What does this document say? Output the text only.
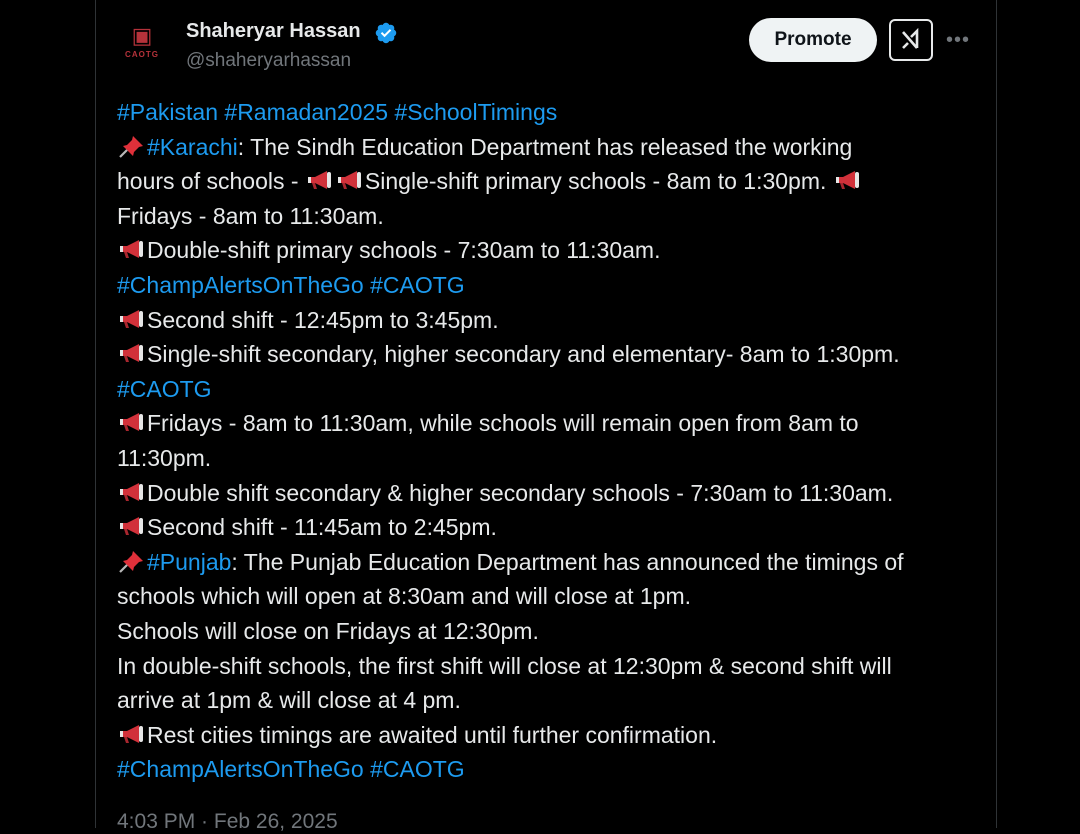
▣
CAOTG
Shaheryar Hassan
@shaheryarhassan
Promote	•••
#Pakistan #Ramadan2025 #SchoolTimings
#Karachi: The Sindh Education Department has released the working
hours of schools -	Single-shift primary schools - 8am to 1:30pm.
Fridays - 8am to 11:30am.
Double-shift primary schools - 7:30am to 11:30am.
#ChampAlertsOnTheGo #CAOTG
Second shift - 12:45pm to 3:45pm.
Single-shift secondary, higher secondary and elementary- 8am to 1:30pm.
#CAOTG
Fridays - 8am to 11:30am, while schools will remain open from 8am to
11:30pm.
Double shift secondary & higher secondary schools - 7:30am to 11:30am.
Second shift - 11:45am to 2:45pm.
#Punjab: The Punjab Education Department has announced the timings of
schools which will open at 8:30am and will close at 1pm.
Schools will close on Fridays at 12:30pm.
In double-shift schools, the first shift will close at 12:30pm & second shift will
arrive at 1pm & will close at 4 pm.
Rest cities timings are awaited until further confirmation.
#ChampAlertsOnTheGo #CAOTG
4:03 PM · Feb 26, 2025
